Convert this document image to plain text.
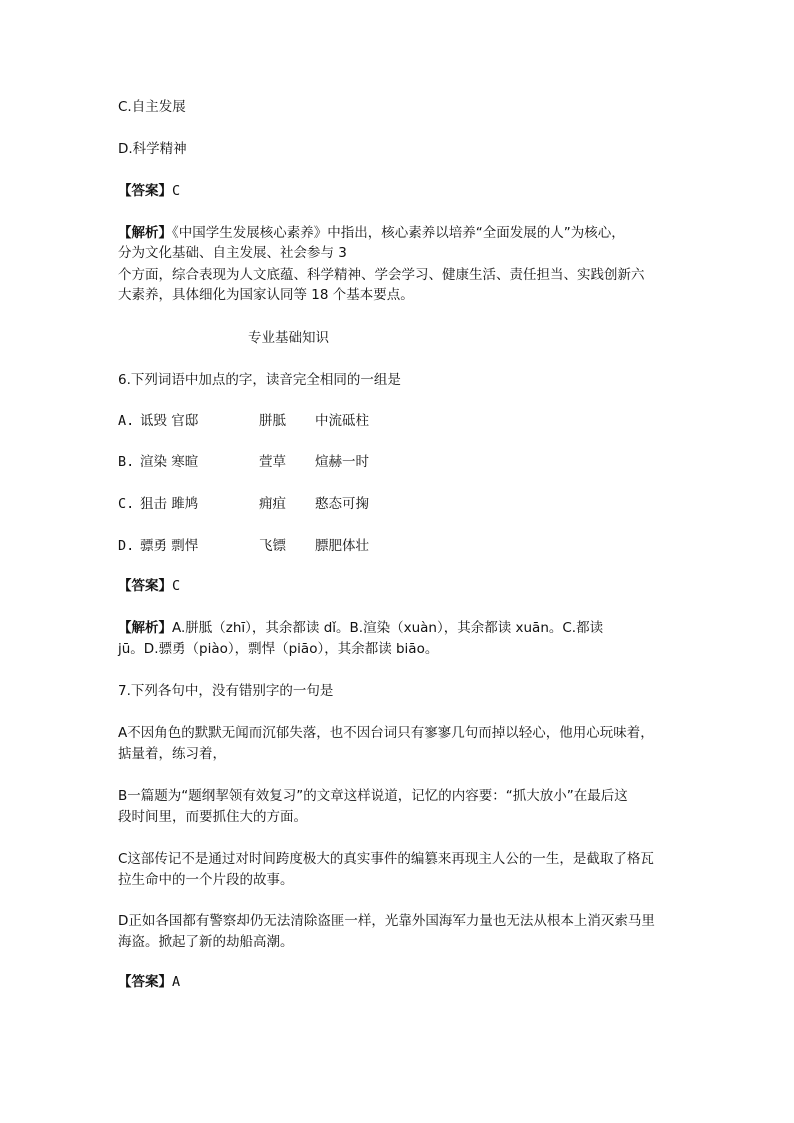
C.自主发展
D.科学精神
【答案】C
【解析】《中国学生发展核心素养》中指出，核心素养以培养“全面发展的人”为核心，
分为文化基础、自主发展、社会参与 3
个方面，综合表现为人文底蕴、科学精神、学会学习、健康生活、责任担当、实践创新六
大素养，具体细化为国家认同等 18 个基本要点。
专业基础知识
6.下列词语中加点的字，读音完全相同的一组是
A. 诋毁 官邸	胼胝 中流砥柱
B. 渲染 寒暄	萱草 煊赫一时
C. 狙击 雎鸠	痈疽 憨态可掬
D. 骠勇 剽悍	飞镖 膘肥体壮
【答案】C
【解析】A.胼胝（zhī），其余都读 dǐ。B.渲染（xuàn），其余都读 xuān。C.都读
jū。D.骠勇（piào），剽悍（piāo），其余都读 biāo。
7.下列各句中，没有错别字的一句是
A不因角色的默默无闻而沉郁失落，也不因台词只有寥寥几句而掉以轻心，他用心玩味着，
掂量着，练习着，
B一篇题为“题纲挈领有效复习”的文章这样说道，记忆的内容要：“抓大放小”在最后这
段时间里，而要抓住大的方面。
C这部传记不是通过对时间跨度极大的真实事件的编篡来再现主人公的一生，是截取了格瓦
拉生命中的一个片段的故事。
D正如各国都有警察却仍无法清除盗匪一样，光靠外国海军力量也无法从根本上消灭索马里
海盗。掀起了新的劫船高潮。
【答案】A
